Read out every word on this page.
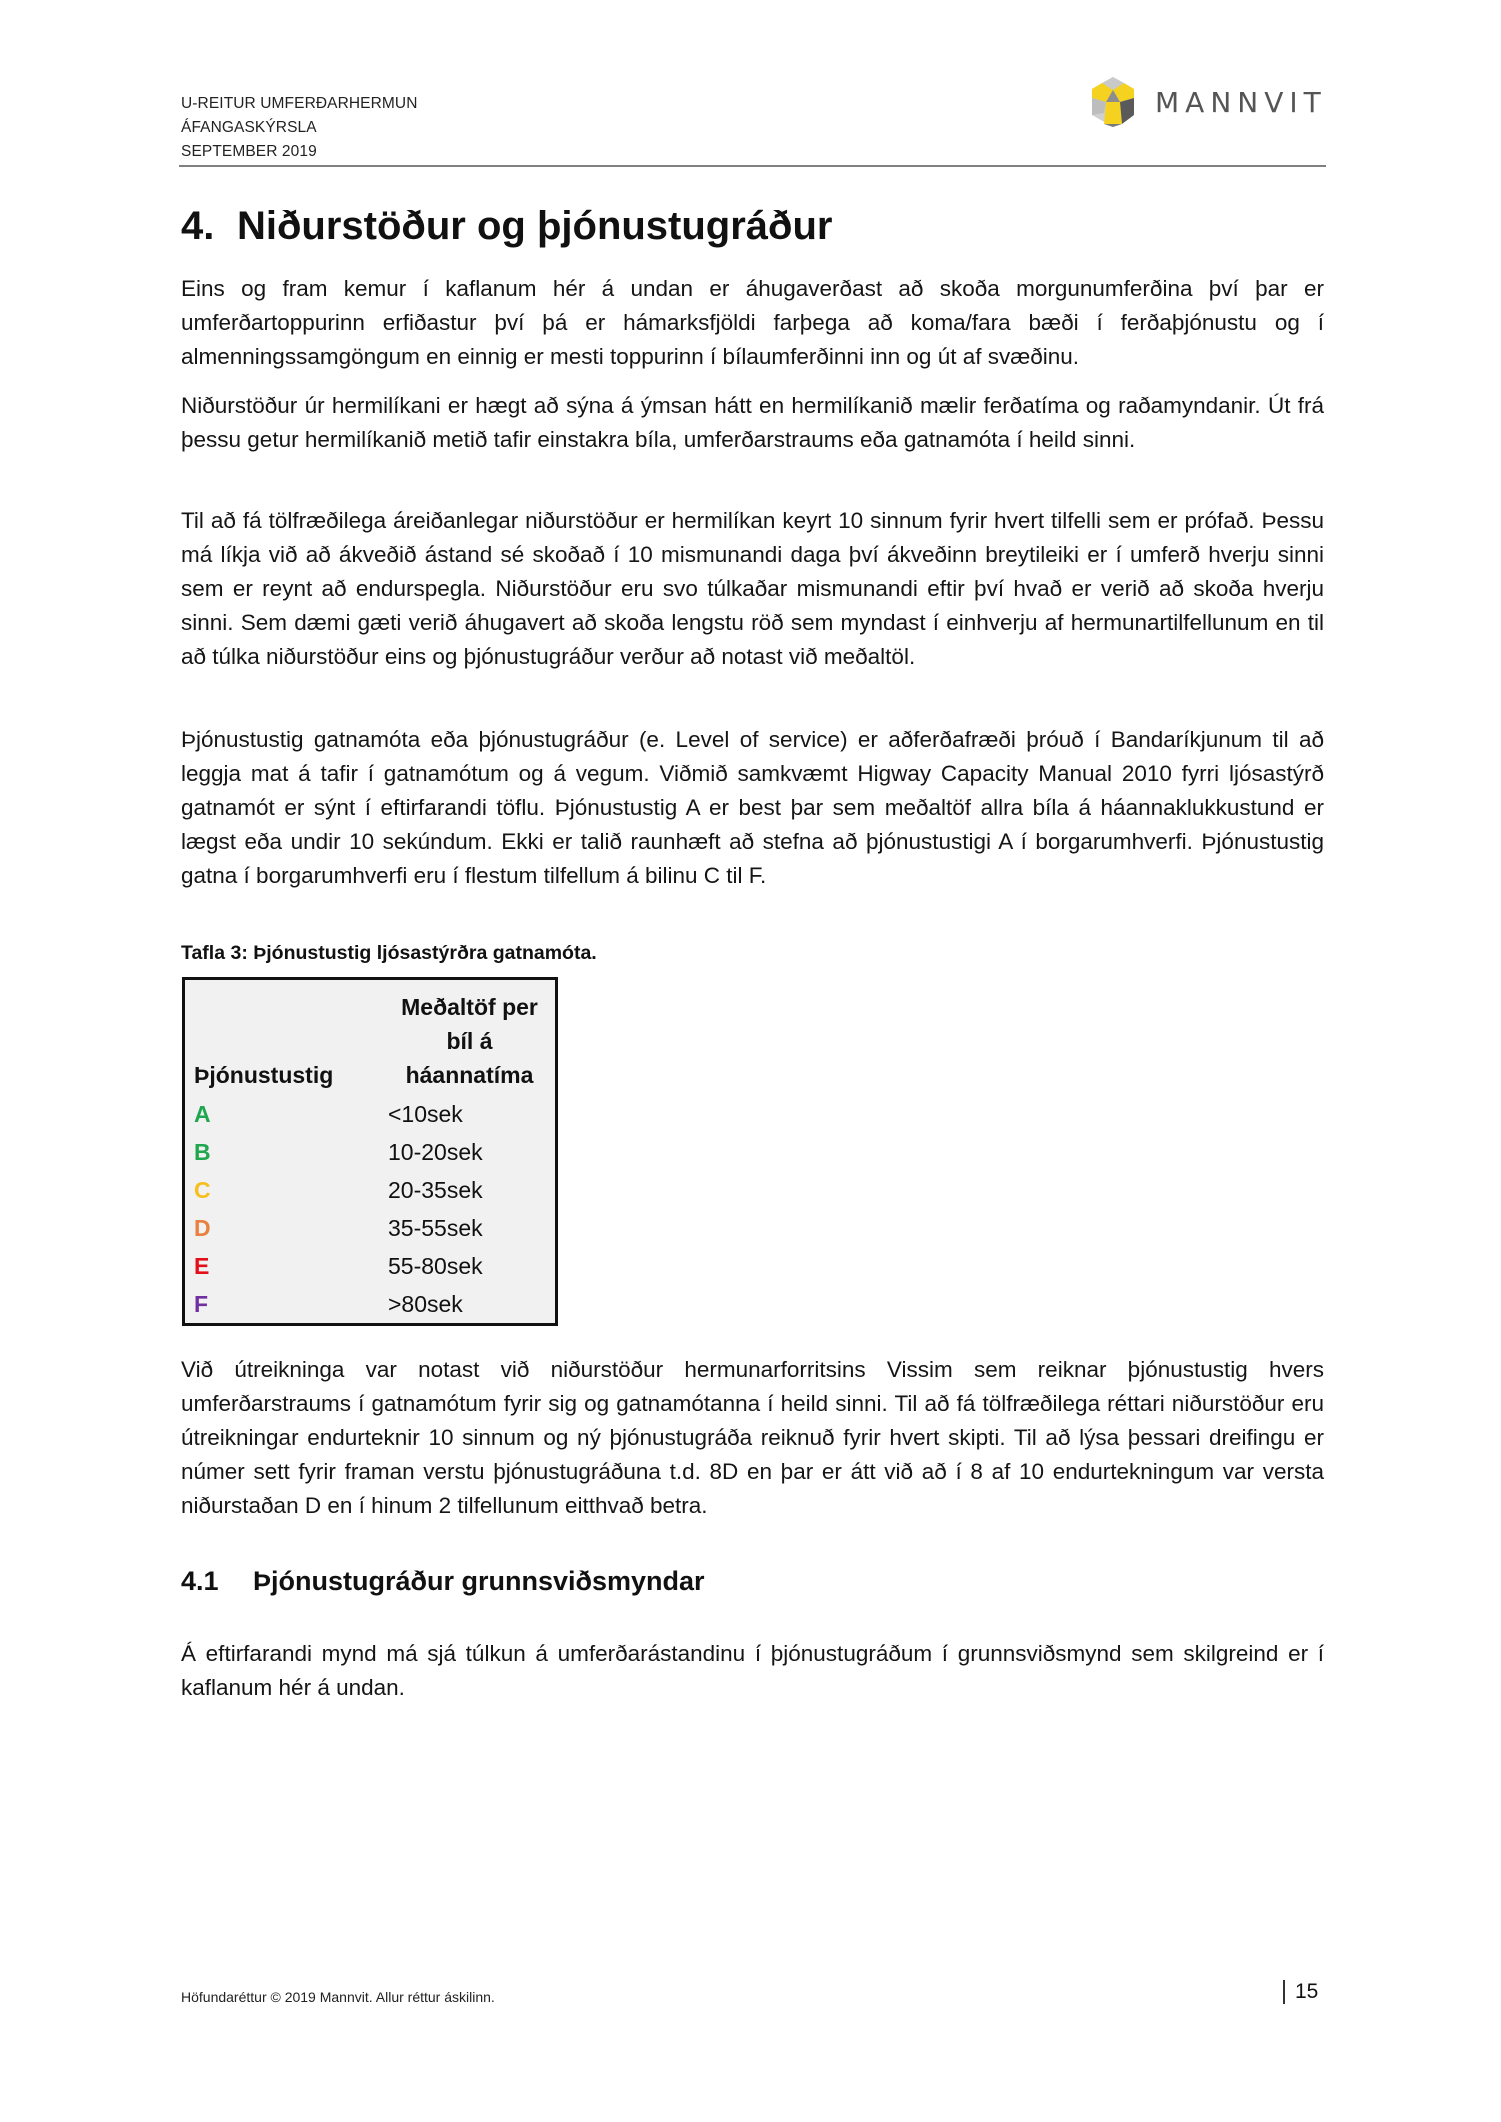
U-REITUR UMFERÐARHERMUN
ÁFANGASKÝRSLA
SEPTEMBER 2019
MANNVIT
4. Niðurstöður og þjónustugráður

Eins og fram kemur í kaflanum hér á undan er áhugaverðast að skoða morgunumferðina því þar er umferðartoppurinn erfiðastur því þá er hámarksfjöldi farþega að koma/fara bæði í ferðaþjónustu og í almenningssamgöngum en einnig er mesti toppurinn í bílaumferðinni inn og út af svæðinu.

Niðurstöður úr hermilíkani er hægt að sýna á ýmsan hátt en hermilíkanið mælir ferðatíma og raðamyndanir. Út frá þessu getur hermilíkanið metið tafir einstakra bíla, umferðarstraums eða gatnamóta í heild sinni.

Til að fá tölfræðilega áreiðanlegar niðurstöður er hermilíkan keyrt 10 sinnum fyrir hvert tilfelli sem er prófað. Þessu má líkja við að ákveðið ástand sé skoðað í 10 mismunandi daga því ákveðinn breytileiki er í umferð hverju sinni sem er reynt að endurspegla. Niðurstöður eru svo túlkaðar mismunandi eftir því hvað er verið að skoða hverju sinni. Sem dæmi gæti verið áhugavert að skoða lengstu röð sem myndast í einhverju af hermunartilfellunum en til að túlka niðurstöður eins og þjónustugráður verður að notast við meðaltöl.

Þjónustustig gatnamóta eða þjónustugráður (e. Level of service) er aðferðafræði þróuð í Bandaríkjunum til að leggja mat á tafir í gatnamótum og á vegum. Viðmið samkvæmt Higway Capacity Manual 2010 fyrri ljósastýrð gatnamót er sýnt í eftirfarandi töflu. Þjónustustig A er best þar sem meðaltöf allra bíla á háannaklukkustund er lægst eða undir 10 sekúndum. Ekki er talið raunhæft að stefna að þjónustustigi A í borgarumhverfi. Þjónustustig gatna í borgarumhverfi eru í flestum tilfellum á bilinu C til F.

Tafla 3: Þjónustustig ljósastýrðra gatnamóta.
Þjónustustig	Meðaltöf per
bíl á
háannatíma

A	<10sek
B	10-20sek
C	20-35sek
D	35-55sek
E	55-80sek
F	>80sek

Við útreikninga var notast við niðurstöður hermunarforritsins Vissim sem reiknar þjónustustig hvers umferðarstraums í gatnamótum fyrir sig og gatnamótanna í heild sinni. Til að fá tölfræðilega réttari niðurstöður eru útreikningar endurteknir 10 sinnum og ný þjónustugráða reiknuð fyrir hvert skipti. Til að lýsa þessari dreifingu er númer sett fyrir framan verstu þjónustugráðuna t.d. 8D en þar er átt við að í 8 af 10 endurtekningum var versta niðurstaðan D en í hinum 2 tilfellunum eitthvað betra.

4.1 Þjónustugráður grunnsviðsmyndar

Á eftirfarandi mynd má sjá túlkun á umferðarástandinu í þjónustugráðum í grunnsviðsmynd sem skilgreind er í kaflanum hér á undan.

Höfundaréttur © 2019 Mannvit. Allur réttur áskilinn.	15
